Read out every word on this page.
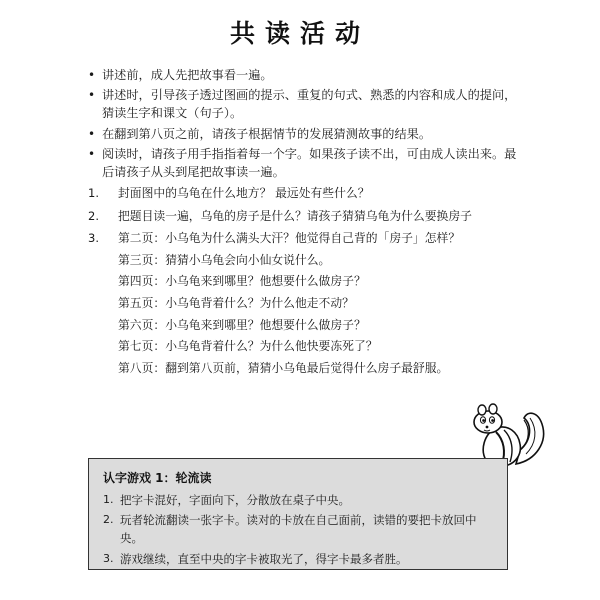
共读活动
• 讲述前，成人先把故事看一遍。
• 讲述时，引导孩子透过图画的提示、重复的句式、熟悉的内容和成人的提问，猜读生字和课文（句子）。
• 在翻到第八页之前，请孩子根据情节的发展猜测故事的结果。
• 阅读时，请孩子用手指指着每一个字。如果孩子读不出，可由成人读出来。最后请孩子从头到尾把故事读一遍。
1. 封面图中的乌龟在什么地方？ 最远处有些什么？
2. 把题目读一遍，乌龟的房子是什么？请孩子猜猜乌龟为什么要换房子
3. 第二页：小乌龟为什么满头大汗？他觉得自己背的「房子」怎样？
第三页：猜猜小乌龟会向小仙女说什么。
第四页：小乌龟来到哪里？他想要什么做房子？
第五页：小乌龟背着什么？为什么他走不动？
第六页：小乌龟来到哪里？他想要什么做房子？
第七页：小乌龟背着什么？为什么他快要冻死了？
第八页：翻到第八页前，猜猜小乌龟最后觉得什么房子最舒服。
认字游戏 1：轮流读
1. 把字卡混好，字面向下，分散放在桌子中央。
2. 玩者轮流翻读一张字卡。读对的卡放在自己面前，读错的要把卡放回中央。
3. 游戏继续，直至中央的字卡被取光了，得字卡最多者胜。
